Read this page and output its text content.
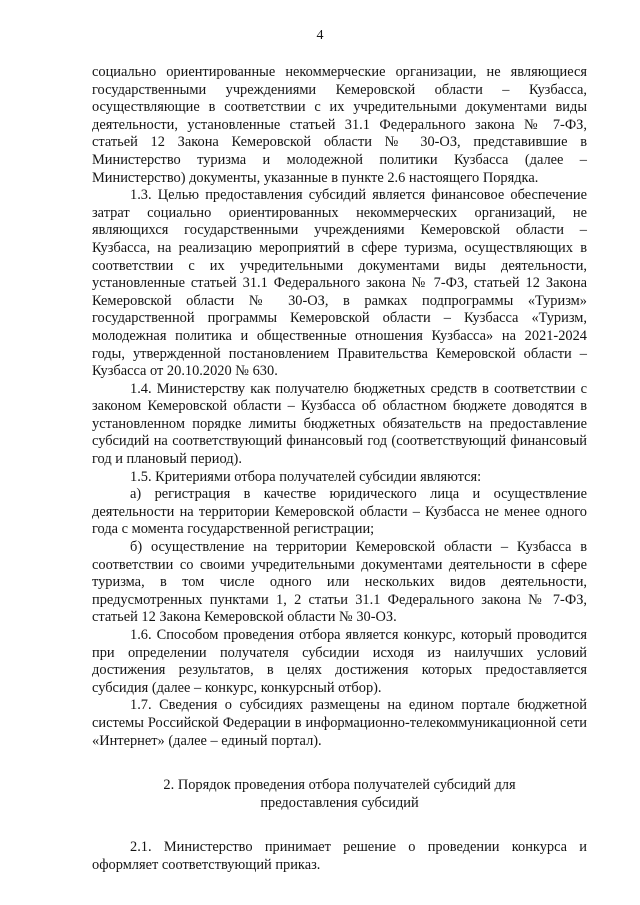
4

социально ориентированные некоммерческие организации, не являющиеся государственными учреждениями Кемеровской области – Кузбасса, осуществляющие в соответствии с их учредительными документами виды деятельности, установленные статьей 31.1 Федерального закона № 7-ФЗ, статьей 12 Закона Кемеровской области № 30-ОЗ, представившие в Министерство туризма и молодежной политики Кузбасса (далее – Министерство) документы, указанные в пункте 2.6 настоящего Порядка.

1.3. Целью предоставления субсидий является финансовое обеспечение затрат социально ориентированных некоммерческих организаций, не являющихся государственными учреждениями Кемеровской области – Кузбасса, на реализацию мероприятий в сфере туризма, осуществляющих в соответствии с их учредительными документами виды деятельности, установленные статьей 31.1 Федерального закона № 7-ФЗ, статьей 12 Закона Кемеровской области № 30-ОЗ, в рамках подпрограммы «Туризм» государственной программы Кемеровской области – Кузбасса «Туризм, молодежная политика и общественные отношения Кузбасса» на 2021-2024 годы, утвержденной постановлением Правительства Кемеровской области – Кузбасса от 20.10.2020 № 630.

1.4. Министерству как получателю бюджетных средств в соответствии с законом Кемеровской области – Кузбасса об областном бюджете доводятся в установленном порядке лимиты бюджетных обязательств на предоставление субсидий на соответствующий финансовый год (соответствующий финансовый год и плановый период).

1.5. Критериями отбора получателей субсидии являются:

а) регистрация в качестве юридического лица и осуществление деятельности на территории Кемеровской области – Кузбасса не менее одного года с момента государственной регистрации;

б) осуществление на территории Кемеровской области – Кузбасса в соответствии со своими учредительными документами деятельности в сфере туризма, в том числе одного или нескольких видов деятельности, предусмотренных пунктами 1, 2 статьи 31.1 Федерального закона № 7-ФЗ, статьей 12 Закона Кемеровской области № 30-ОЗ.

1.6. Способом проведения отбора является конкурс, который проводится при определении получателя субсидии исходя из наилучших условий достижения результатов, в целях достижения которых предоставляется субсидия (далее – конкурс, конкурсный отбор).

1.7. Сведения о субсидиях размещены на едином портале бюджетной системы Российской Федерации в информационно-телекоммуникационной сети «Интернет» (далее – единый портал).

2. Порядок проведения отбора получателей субсидий для предоставления субсидий

2.1. Министерство принимает решение о проведении конкурса и оформляет соответствующий приказ.
